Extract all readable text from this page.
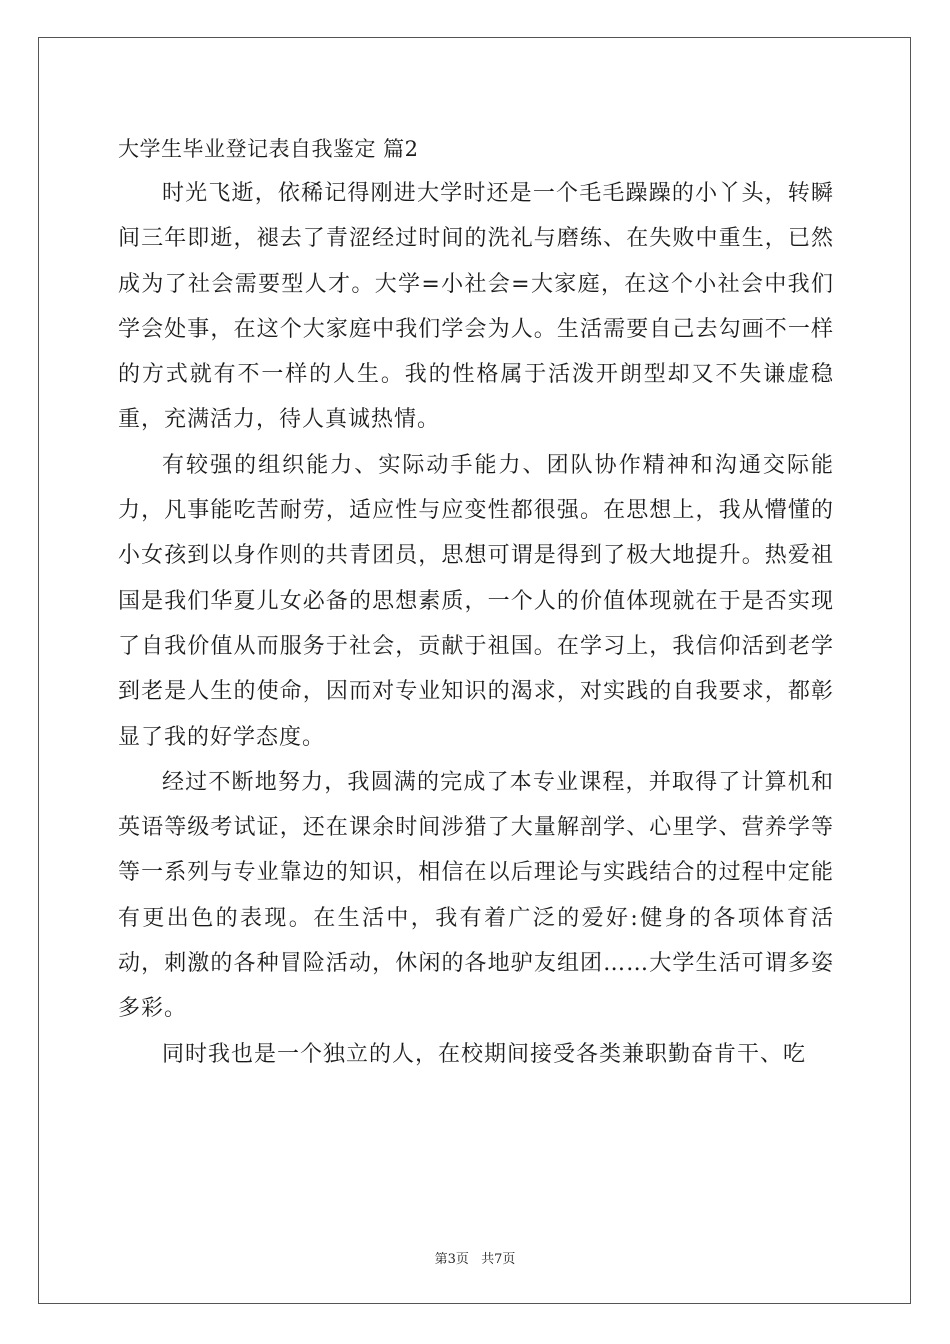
大学生毕业登记表自我鉴定 篇2

时光飞逝，依稀记得刚进大学时还是一个毛毛躁躁的小丫头，转瞬间三年即逝，褪去了青涩经过时间的洗礼与磨练、在失败中重生，已然成为了社会需要型人才。大学=小社会=大家庭，在这个小社会中我们学会处事，在这个大家庭中我们学会为人。生活需要自己去勾画不一样的方式就有不一样的人生。我的性格属于活泼开朗型却又不失谦虚稳重，充满活力，待人真诚热情。

有较强的组织能力、实际动手能力、团队协作精神和沟通交际能力，凡事能吃苦耐劳，适应性与应变性都很强。在思想上，我从懵懂的小女孩到以身作则的共青团员，思想可谓是得到了极大地提升。热爱祖国是我们华夏儿女必备的思想素质，一个人的价值体现就在于是否实现了自我价值从而服务于社会，贡献于祖国。在学习上，我信仰活到老学到老是人生的使命，因而对专业知识的渴求，对实践的自我要求，都彰显了我的好学态度。

经过不断地努力，我圆满的完成了本专业课程，并取得了计算机和英语等级考试证，还在课余时间涉猎了大量解剖学、心里学、营养学等等一系列与专业靠边的知识，相信在以后理论与实践结合的过程中定能有更出色的表现。在生活中，我有着广泛的爱好:健身的各项体育活动，刺激的各种冒险活动，休闲的各地驴友组团……大学生活可谓多姿多彩。

同时我也是一个独立的人，在校期间接受各类兼职勤奋肯干、吃

第3页 共7页
